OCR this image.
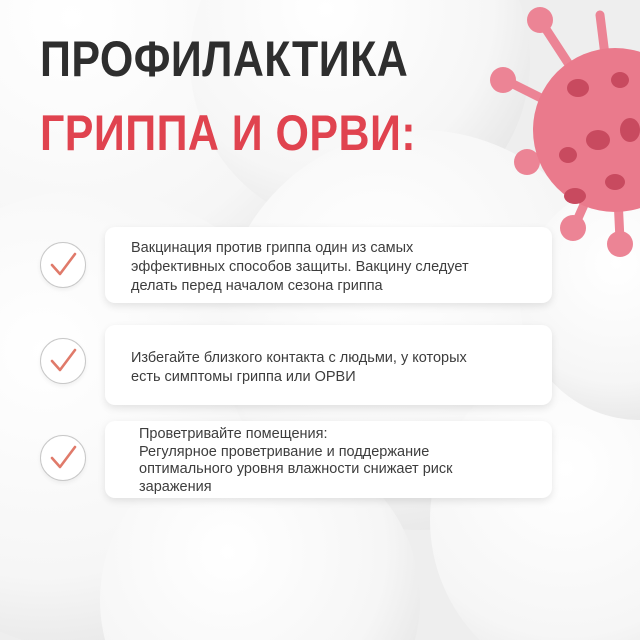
ПРОФИЛАКТИКА
ГРИППА И ОРВИ:
Вакцинация против гриппа один из самых
эффективных способов защиты. Вакцину следует
делать перед началом сезона гриппа
Избегайте близкого контакта с людьми, у которых
есть симптомы гриппа или ОРВИ
Проветривайте помещения:
Регулярное проветривание и поддержание
оптимального уровня влажности снижает риск
заражения
